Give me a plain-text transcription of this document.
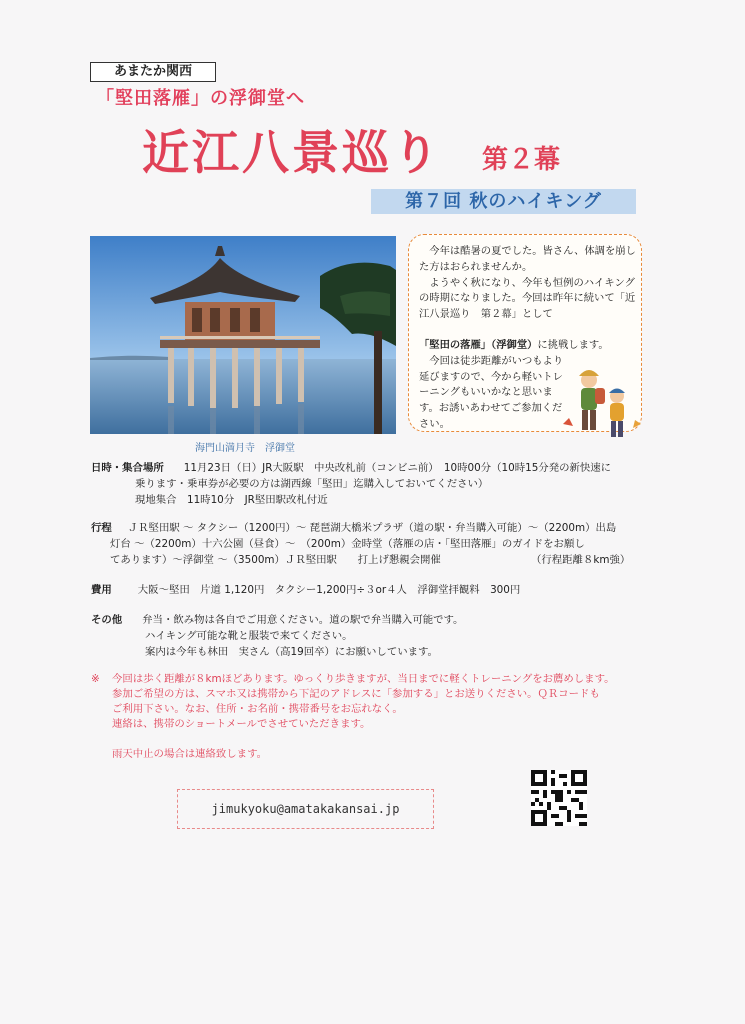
あまたか関西
「堅田落雁」の浮御堂へ
近江八景巡り 第２幕
第７回 秋のハイキング
海門山満月寺　浮御堂

今年は酷暑の夏でした。皆さん、体調を崩した方はおられませんか。

ようやく秋になり、今年も恒例のハイキングの時期になりました。今回は昨年に続いて「近江八景巡り　第２幕」として

「堅田の落雁」（浮御堂）に挑戦します。

今回は徒歩距離がいつもより延びますので、今から軽いトレーニングもいいかなと思います。お誘いあわせてご参加ください。

日時・集合場所 11月23日（日）JR大阪駅　中央改札前（コンビニ前）　10時00分（10時15分発の新快速に
乗ります・乗車券が必要の方は湖西線「堅田」迄購入しておいてください）
現地集合　11時10分　JR堅田駅改札付近
行程 ＪＲ堅田駅 ～ タクシー（1200円）～ 琵琶湖大橋米プラザ（道の駅・弁当購入可能）～（2200m）出島
灯台 ～（2200m）十六公園（昼食）～　（200m）金時堂（落雁の店・「堅田落雁」のガイドをお願し
てあります）～浮御堂 ～（3500m）ＪＲ堅田駅　　打上げ懇親会開催	（行程距離８km強）
費用	大阪～堅田　片道 1,120円　タクシー1,200円÷３or４人　浮御堂拝観料　300円
その他 弁当・飲み物は各自でご用意ください。道の駅で弁当購入可能です。
ハイキング可能な靴と服装で来てください。
案内は今年も林田　実さん（高19回卒）にお願いしています。
※ 今回は歩く距離が８kmほどあります。ゆっくり歩きますが、当日までに軽くトレーニングをお薦めします。
参加ご希望の方は、スマホ又は携帯から下記のアドレスに「参加する」とお送りください。ＱＲコードも
ご利用下さい。なお、住所・お名前・携帯番号をお忘れなく。
連絡は、携帯のショートメールでさせていただきます。
雨天中止の場合は連絡致します。
jimukyoku@amatakakansai.jp
